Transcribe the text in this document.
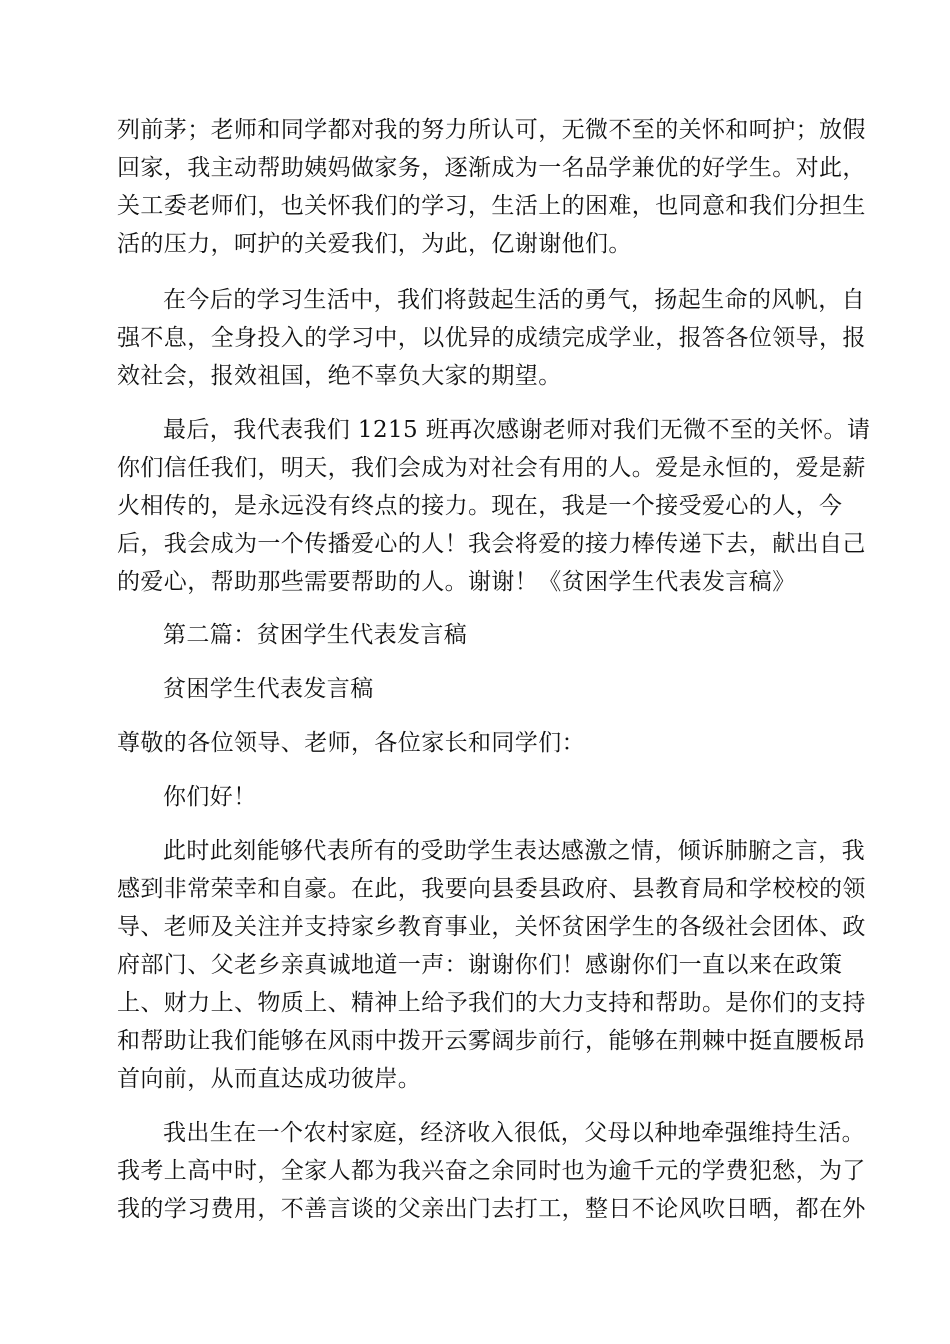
列前茅；老师和同学都对我的努力所认可，无微不至的关怀和呵护；放假
回家，我主动帮助姨妈做家务，逐渐成为一名品学兼优的好学生。对此，
关工委老师们，也关怀我们的学习，生活上的困难，也同意和我们分担生
活的压力，呵护的关爱我们，为此，亿谢谢他们。
在今后的学习生活中，我们将鼓起生活的勇气，扬起生命的风帆，自
强不息，全身投入的学习中，以优异的成绩完成学业，报答各位领导，报
效社会，报效祖国，绝不辜负大家的期望。
最后，我代表我们 1215 班再次感谢老师对我们无微不至的关怀。请
你们信任我们，明天，我们会成为对社会有用的人。爱是永恒的，爱是薪
火相传的，是永远没有终点的接力。现在，我是一个接受爱心的人，今
后，我会成为一个传播爱心的人！我会将爱的接力棒传递下去，献出自己
的爱心，帮助那些需要帮助的人。谢谢！《贫困学生代表发言稿》
第二篇：贫困学生代表发言稿
贫困学生代表发言稿
尊敬的各位领导、老师，各位家长和同学们：
你们好！
此时此刻能够代表所有的受助学生表达感激之情，倾诉肺腑之言，我
感到非常荣幸和自豪。在此，我要向县委县政府、县教育局和学校校的领
导、老师及关注并支持家乡教育事业，关怀贫困学生的各级社会团体、政
府部门、父老乡亲真诚地道一声：谢谢你们！感谢你们一直以来在政策
上、财力上、物质上、精神上给予我们的大力支持和帮助。是你们的支持
和帮助让我们能够在风雨中拨开云雾阔步前行，能够在荆棘中挺直腰板昂
首向前，从而直达成功彼岸。
我出生在一个农村家庭，经济收入很低，父母以种地牵强维持生活。
我考上高中时，全家人都为我兴奋之余同时也为逾千元的学费犯愁，为了
我的学习费用，不善言谈的父亲出门去打工，整日不论风吹日晒，都在外
